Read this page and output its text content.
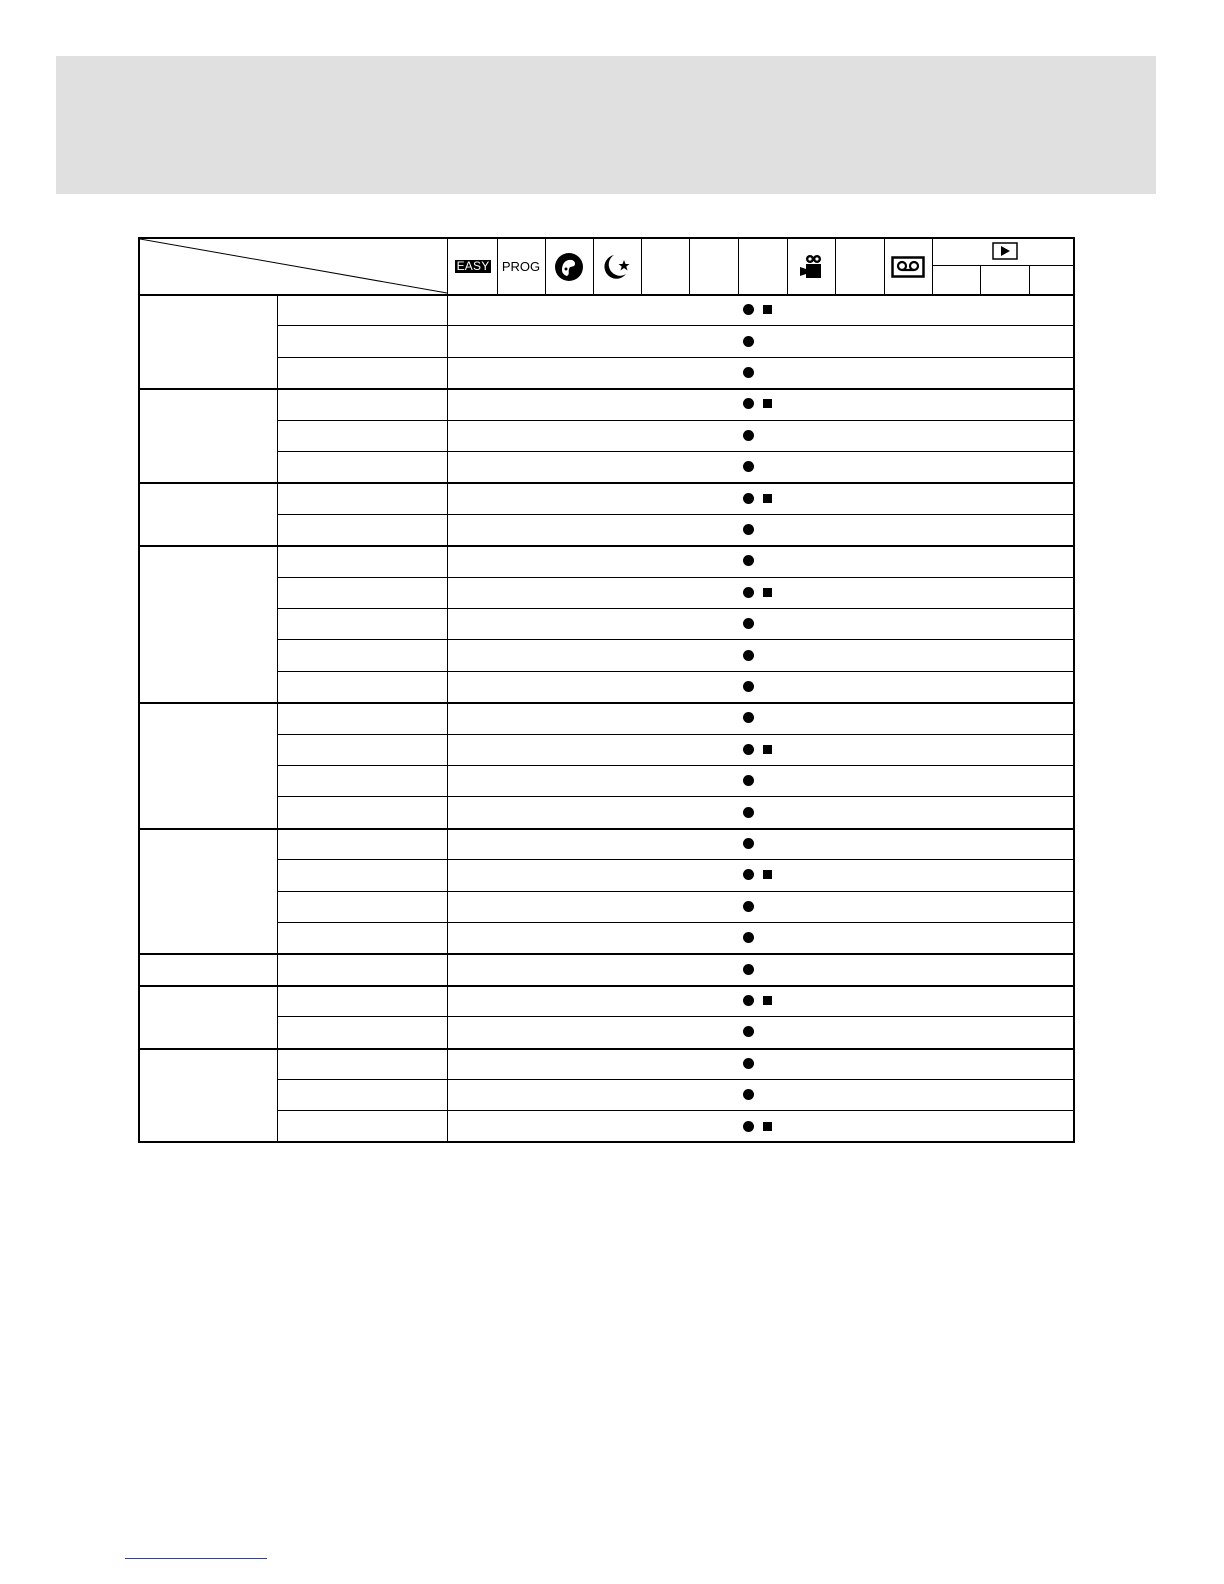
EASY PROG
